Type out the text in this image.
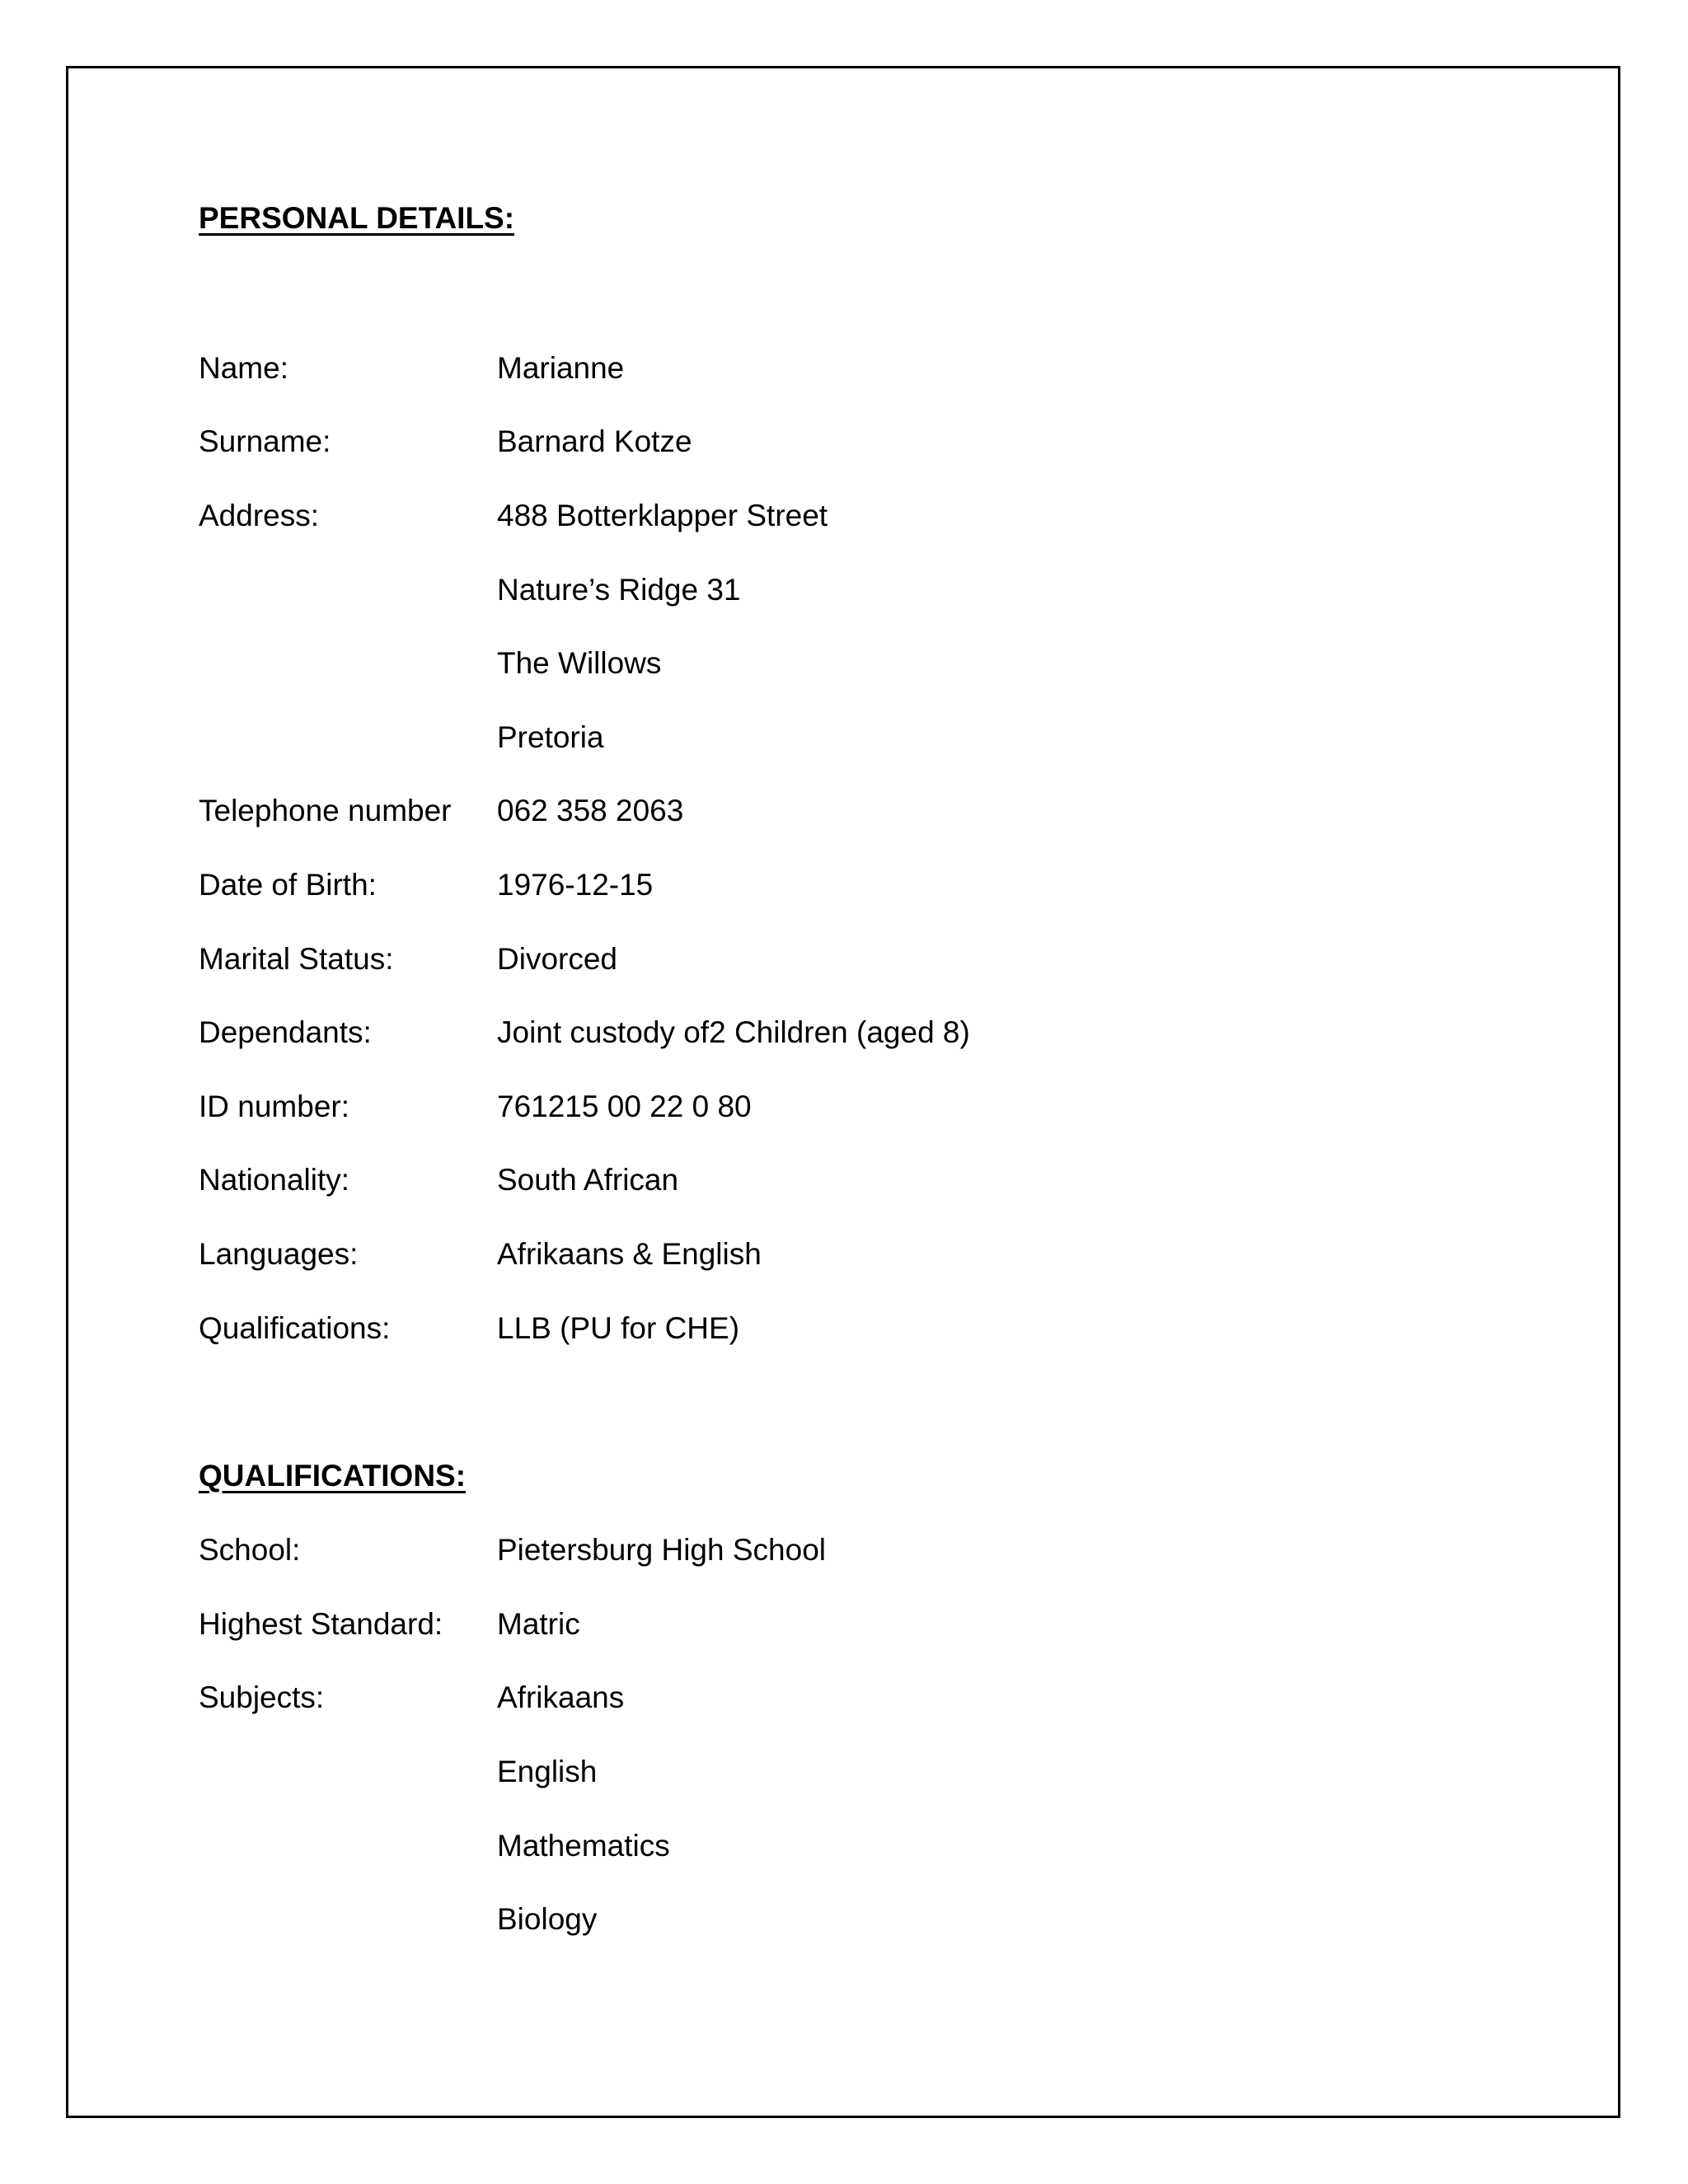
PERSONAL DETAILS:
Name:	Marianne
Surname:	Barnard Kotze
Address:	488 Botterklapper Street
Nature’s Ridge 31
The Willows
Pretoria
Telephone number 062 358 2063
Date of Birth:	1976-12-15
Marital Status:	Divorced
Dependants:	Joint custody of2 Children (aged 8)
ID number:	761215 00 22 0 80
Nationality:	South African
Languages:	Afrikaans & English
Qualifications:	LLB (PU for CHE)
QUALIFICATIONS:
School:	Pietersburg High School
Highest Standard: Matric
Subjects:	Afrikaans
English
Mathematics
Biology
